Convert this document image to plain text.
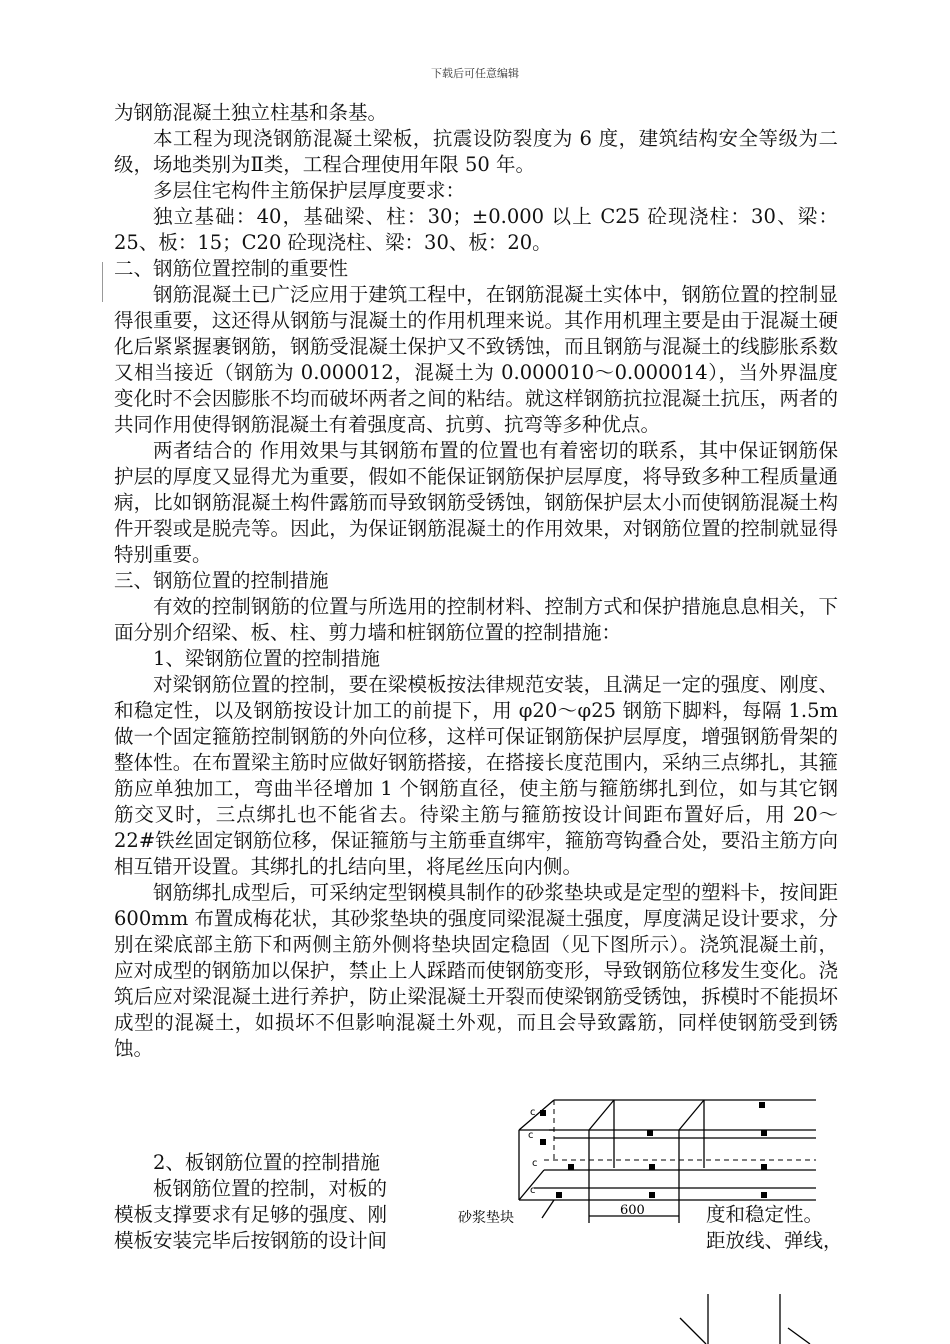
下载后可任意编辑

为钢筋混凝土独立柱基和条基。

本工程为现浇钢筋混凝土梁板，抗震设防裂度为 6 度，建筑结构安全等级为二级，场地类别为Ⅱ类，工程合理使用年限 50 年。

多层住宅构件主筋保护层厚度要求：

独立基础：40，基础梁、柱：30；±0.000 以上 C25 砼现浇柱：30、梁：25、板：15；C20 砼现浇柱、梁：30、板：20。

二、钢筋位置控制的重要性

钢筋混凝土已广泛应用于建筑工程中，在钢筋混凝土实体中，钢筋位置的控制显得很重要，这还得从钢筋与混凝土的作用机理来说。其作用机理主要是由于混凝土硬化后紧紧握裹钢筋，钢筋受混凝土保护又不致锈蚀，而且钢筋与混凝土的线膨胀系数又相当接近（钢筋为 0.000012，混凝土为 0.000010～0.000014），当外界温度变化时不会因膨胀不均而破坏两者之间的粘结。就这样钢筋抗拉混凝土抗压，两者的 共同作用使得钢筋混凝土有着强度高、抗剪、抗弯等多种优点。

两者结合的 作用效果与其钢筋布置的位置也有着密切的联系，其中保证钢筋保护层的厚度又显得尤为重要，假如不能保证钢筋保护层厚度，将导致多种工程质量通病，比如钢筋混凝土构件露筋而导致钢筋受锈蚀，钢筋保护层太小而使钢筋混凝土构件开裂或是脱壳等。因此，为保证钢筋混凝土的作用效果，对钢筋位置的控制就显得特别重要。

三、钢筋位置的控制措施

有效的控制钢筋的位置与所选用的控制材料、控制方式和保护措施息息相关，下面分别介绍梁、板、柱、剪力墙和桩钢筋位置的控制措施：

1、梁钢筋位置的控制措施

对梁钢筋位置的控制，要在梁模板按法律规范安装，且满足一定的强度、刚度、和稳定性，以及钢筋按设计加工的前提下，用 φ20～φ25 钢筋下脚料，每隔 1.5m 做一个固定箍筋控制钢筋的外向位移，这样可保证钢筋保护层厚度，增强钢筋骨架的整体性。在布置梁主筋时应做好钢筋搭接，在搭接长度范围内，采纳三点绑扎，其箍筋应单独加工，弯曲半径增加 1 个钢筋直径，使主筋与箍筋绑扎到位，如与其它钢筋交叉时，三点绑扎也不能省去。待梁主筋与箍筋按设计间距布置好后，用 20～22#铁丝固定钢筋位移，保证箍筋与主筋垂直绑牢，箍筋弯钩叠合处，要沿主筋方向相互错开设置。其绑扎的扎结向里，将尾丝压向内侧。

钢筋绑扎成型后，可采纳定型钢模具制作的砂浆垫块或是定型的塑料卡，按间距 600mm 布置成梅花状，其砂浆垫块的强度同梁混凝土强度，厚度满足设计要求，分别在梁底部主筋下和两侧主筋外侧将垫块固定稳固（见下图所示）。浇筑混凝土前，应对成型的钢筋加以保护，禁止上人踩踏而使钢筋变形，导致钢筋位移发生变化。浇筑后应对梁混凝土进行养护，防止梁混凝土开裂而使梁钢筋受锈蚀，拆模时不能损坏成型的混凝土，如损坏不但影响混凝土外观，而且会导致露筋，同样使钢筋受到锈蚀。

2、板钢筋位置的控制措施

板钢筋位置的控制，对板的

模板支撑要求有足够的强度、刚

模板安装完毕后按钢筋的设计间

度和稳定性。
距放线、弹线，
c
c
c
c
砂浆垫块	600
